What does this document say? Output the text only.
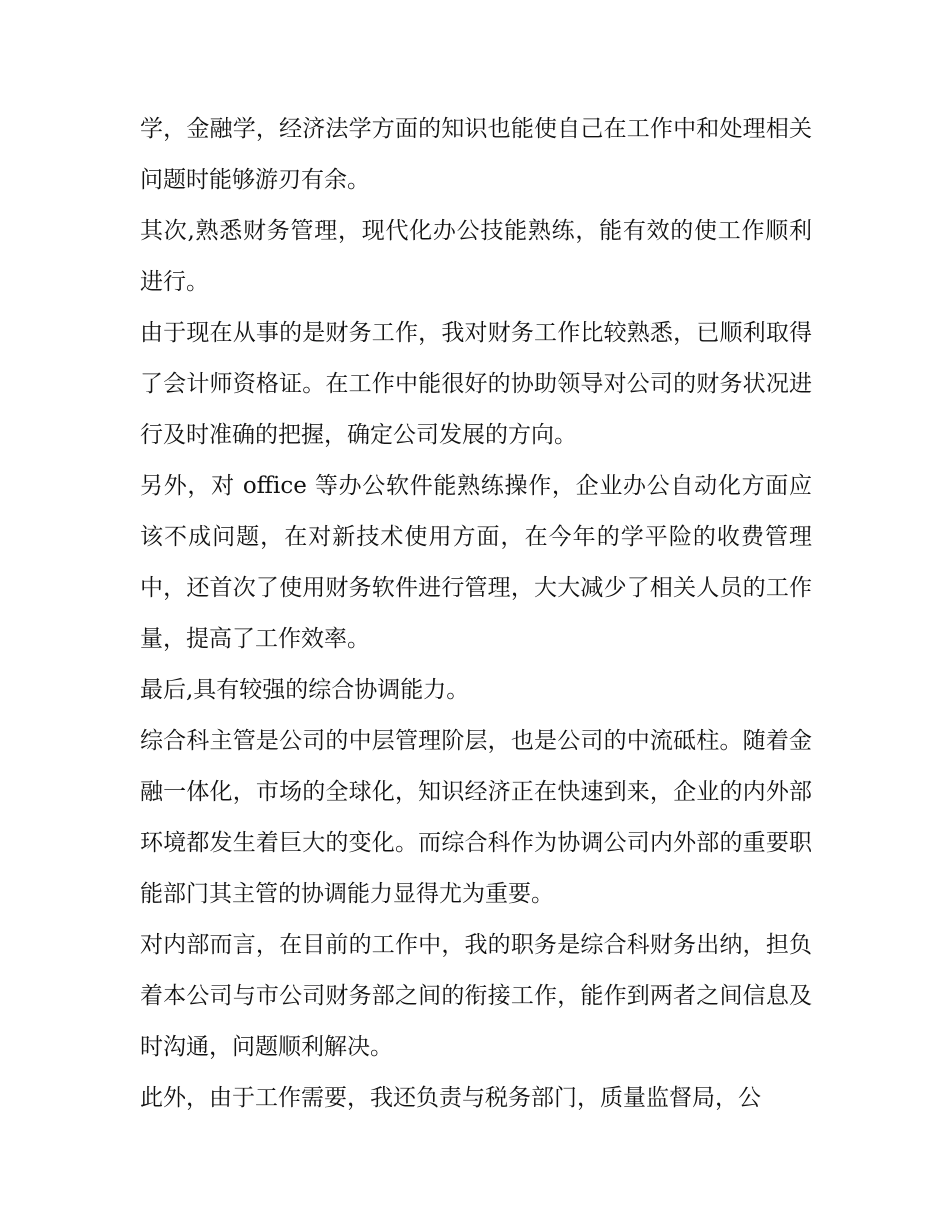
学，金融学，经济法学方面的知识也能使自己在工作中和处理相关问题时能够游刃有余。

其次,熟悉财务管理，现代化办公技能熟练，能有效的使工作顺利进行。

由于现在从事的是财务工作，我对财务工作比较熟悉，已顺利取得了会计师资格证。在工作中能很好的协助领导对公司的财务状况进行及时准确的把握，确定公司发展的方向。

另外，对 office 等办公软件能熟练操作，企业办公自动化方面应该不成问题，在对新技术使用方面，在今年的学平险的收费管理中，还首次了使用财务软件进行管理，大大减少了相关人员的工作量，提高了工作效率。

最后,具有较强的综合协调能力。

综合科主管是公司的中层管理阶层，也是公司的中流砥柱。随着金融一体化，市场的全球化，知识经济正在快速到来，企业的内外部环境都发生着巨大的变化。而综合科作为协调公司内外部的重要职能部门其主管的协调能力显得尤为重要。

对内部而言，在目前的工作中，我的职务是综合科财务出纳，担负着本公司与市公司财务部之间的衔接工作，能作到两者之间信息及时沟通，问题顺利解决。

此外，由于工作需要，我还负责与税务部门，质量监督局，公
